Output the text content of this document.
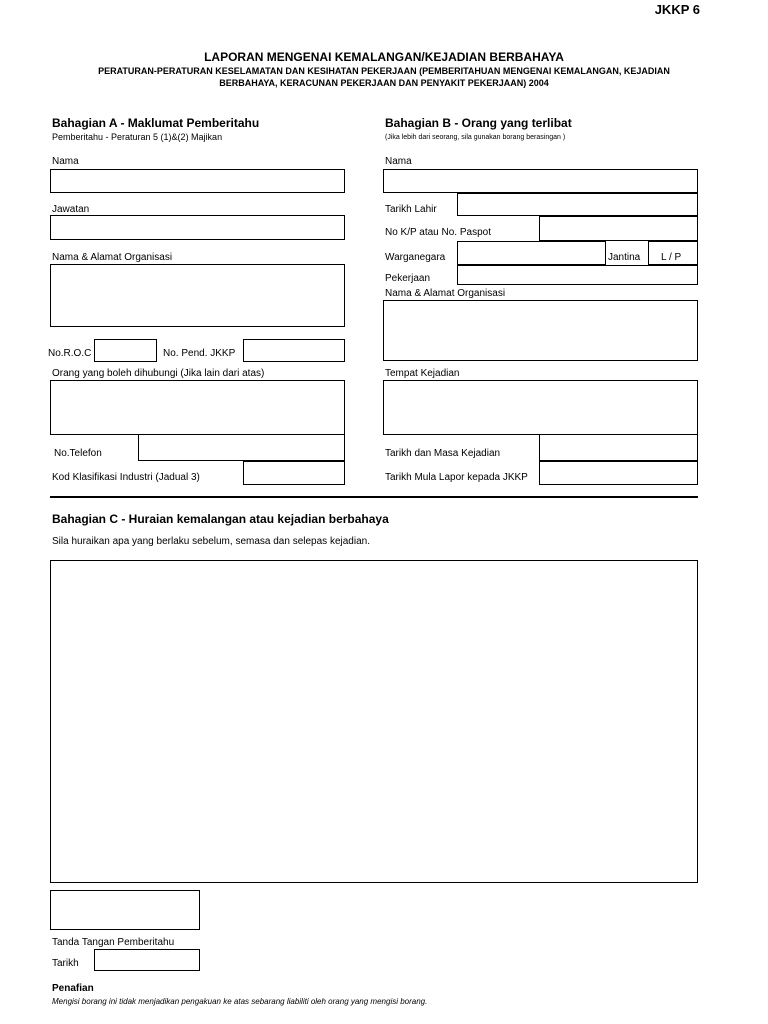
JKKP 6
LAPORAN MENGENAI KEMALANGAN/KEJADIAN BERBAHAYA
PERATURAN-PERATURAN KESELAMATAN DAN KESIHATAN PEKERJAAN (PEMBERITAHUAN MENGENAI KEMALANGAN, KEJADIAN
BERBAHAYA, KERACUNAN PEKERJAAN DAN PENYAKIT PEKERJAAN) 2004
Bahagian A - Maklumat Pemberitahu
Pemberitahu - Peraturan 5 (1)&(2) Majikan
Nama
Jawatan
Nama & Alamat Organisasi
No.R.O.C	No. Pend. JKKP
Orang yang boleh dihubungi (Jika lain dari atas)
No.Telefon
Kod Klasifikasi Industri (Jadual 3)
Bahagian B - Orang yang terlibat
(Jika lebih dari seorang, sila gunakan borang berasingan )
Nama
Tarikh Lahir
No K/P atau No. Paspot
Warganegara	Jantina L / P
Pekerjaan
Nama & Alamat Organisasi
Tempat Kejadian
Tarikh dan Masa Kejadian
Tarikh Mula Lapor kepada JKKP
Bahagian C - Huraian kemalangan atau kejadian berbahaya
Sila huraikan apa yang berlaku sebelum, semasa dan selepas kejadian.
Tanda Tangan Pemberitahu
Tarikh
Penafian
Mengisi borang ini tidak menjadikan pengakuan ke atas sebarang liabiliti oleh orang yang mengisi borang.
